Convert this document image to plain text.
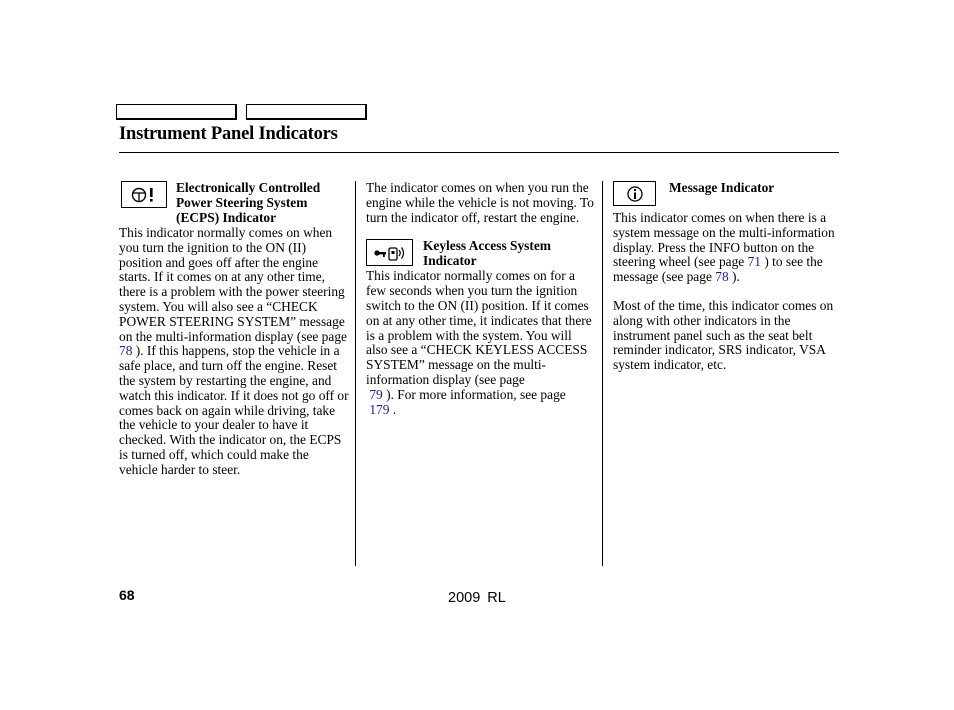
Instrument Panel Indicators
Electronically Controlled
Power Steering System
(ECPS) Indicator

This indicator normally comes on when you turn the ignition to the ON (II) position and goes off after the engine starts. If it comes on at any other time, there is a problem with the power steering system. You will also see a “CHECK POWER STEERING SYSTEM” message on the multi-information display (see page 78 ). If this happens, stop the vehicle in a safe place, and turn off the engine. Reset the system by restarting the engine, and watch this indicator. If it does not go off or comes back on again while driving, take the vehicle to your dealer to have it checked. With the indicator on, the ECPS is turned off, which could make the vehicle harder to steer.

The indicator comes on when you run the engine while the vehicle is not moving. To turn the indicator off, restart the engine.

Keyless Access System
Indicator

This indicator normally comes on for a few seconds when you turn the ignition switch to the ON (II) position. If it comes on at any other time, it indicates that there is a problem with the system. You will also see a “CHECK KEYLESS ACCESS SYSTEM” message on the multi-information display (see page
79 ). For more information, see page
179 .

Message Indicator

This indicator comes on when there is a system message on the multi-information display. Press the INFO button on the steering wheel (see page 71 ) to see the message (see page 78 ).

Most of the time, this indicator comes on along with other indicators in the instrument panel such as the seat belt reminder indicator, SRS indicator, VSA system indicator, etc.

68	2009 RL
